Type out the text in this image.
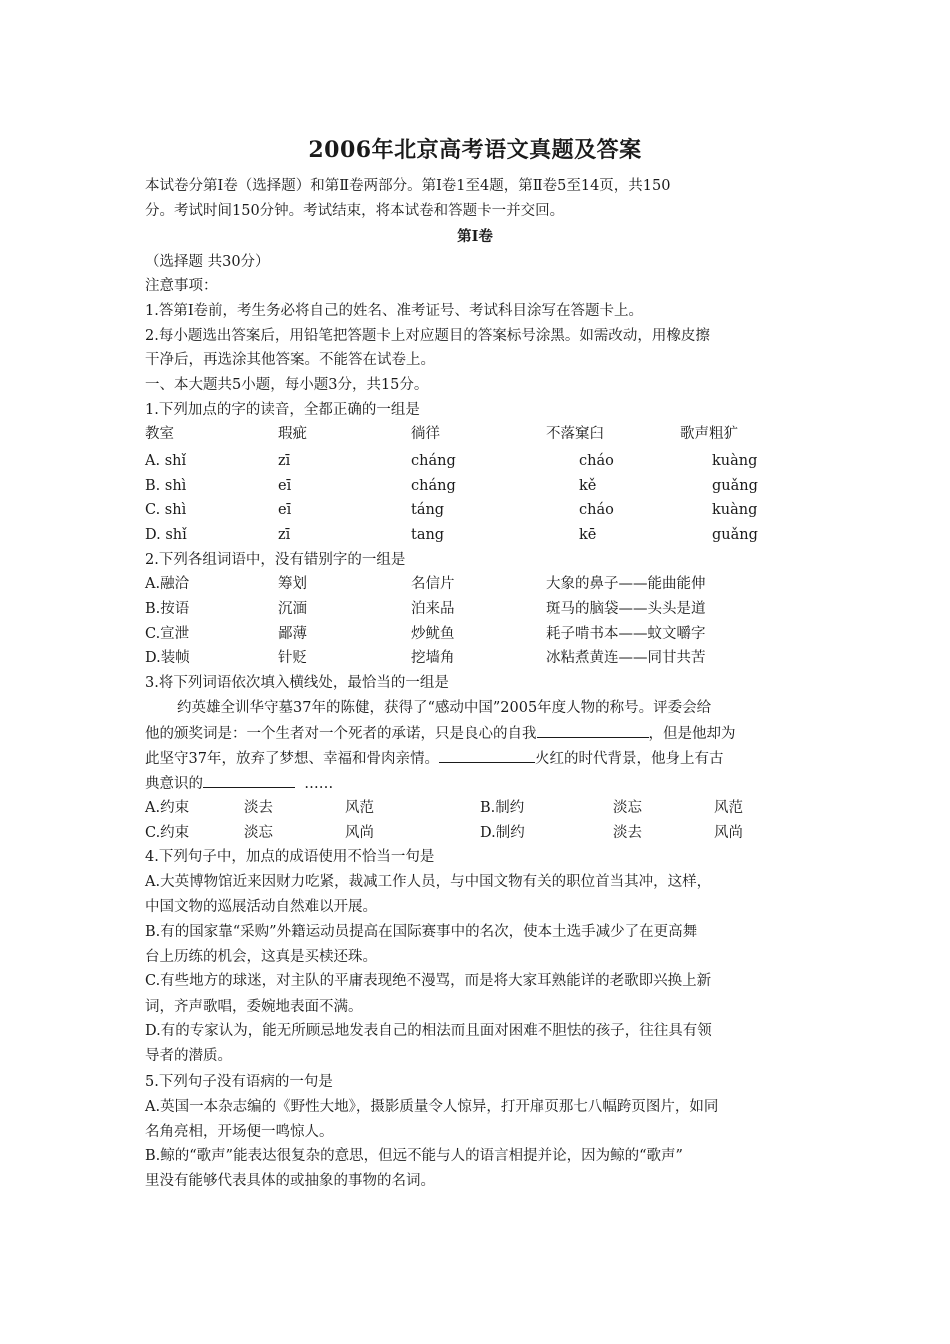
2006年北京高考语文真题及答案
本试卷分第Ⅰ卷（选择题）和第Ⅱ卷两部分。第Ⅰ卷1至4题，第Ⅱ卷5至14页，共150
分。考试时间150分钟。考试结束，将本试卷和答题卡一并交回。
第Ⅰ卷
（选择题 共30分）
注意事项：
1.答第Ⅰ卷前，考生务必将自己的姓名、准考证号、考试科目涂写在答题卡上。
2.每小题选出答案后，用铅笔把答题卡上对应题目的答案标号涂黑。如需改动，用橡皮擦
干净后，再选涂其他答案。不能答在试卷上。
一、本大题共5小题，每小题3分，共15分。
1.下列加点的字的读音，全都正确的一组是
教室	瑕疵	徜徉	不落窠臼	歌声粗犷
A. shǐ	zī	cháng	cháo	kuàng
B. shì	eī	cháng	kě	guǎng
C. shì	eī	táng	cháo	kuàng
D. shǐ	zī	tang	kē	guǎng
2.下列各组词语中，没有错别字的一组是
A.融洽	筹划	名信片	大象的鼻子——能曲能伸
B.按语	沉湎	泊来品	斑马的脑袋——头头是道
C.宣泄	鄙薄	炒鱿鱼	耗子啃书本——蚊文嚼字
D.装帧	针贬	挖墙角	冰粘煮黄连——同甘共苦
3.将下列词语依次填入横线处，最恰当的一组是
约英雄全训华守墓37年的陈健，获得了“感动中国”2005年度人物的称号。评委会给
他的颁奖词是：一个生者对一个死者的承诺，只是良心的自我	，但是他却为
此坚守37年，放弃了梦想、幸福和骨肉亲情。	火红的时代背景，他身上有古
典意识的	……
A.约束	淡去	风范	B.制约	淡忘	风范
C.约束	淡忘	风尚	D.制约	淡去	风尚
4.下列句子中，加点的成语使用不恰当一句是
A.大英博物馆近来因财力吃紧，裁减工作人员，与中国文物有关的职位首当其冲，这样，
中国文物的巡展活动自然难以开展。
B.有的国家靠“采购”外籍运动员提高在国际赛事中的名次，使本土选手减少了在更高舞
台上历练的机会，这真是买椟还珠。
C.有些地方的球迷，对主队的平庸表现绝不漫骂，而是将大家耳熟能详的老歌即兴换上新
词，齐声歌唱，委婉地表面不满。
D.有的专家认为，能无所顾忌地发表自己的相法而且面对困难不胆怯的孩子，往往具有领
导者的潜质。
5.下列句子没有语病的一句是
A.英国一本杂志编的《野性大地》，摄影质量令人惊异，打开扉页那七八幅跨页图片，如同
名角亮相，开场便一鸣惊人。
B.鲸的“歌声”能表达很复杂的意思，但远不能与人的语言相提并论，因为鲸的“歌声”
里没有能够代表具体的或抽象的事物的名词。
